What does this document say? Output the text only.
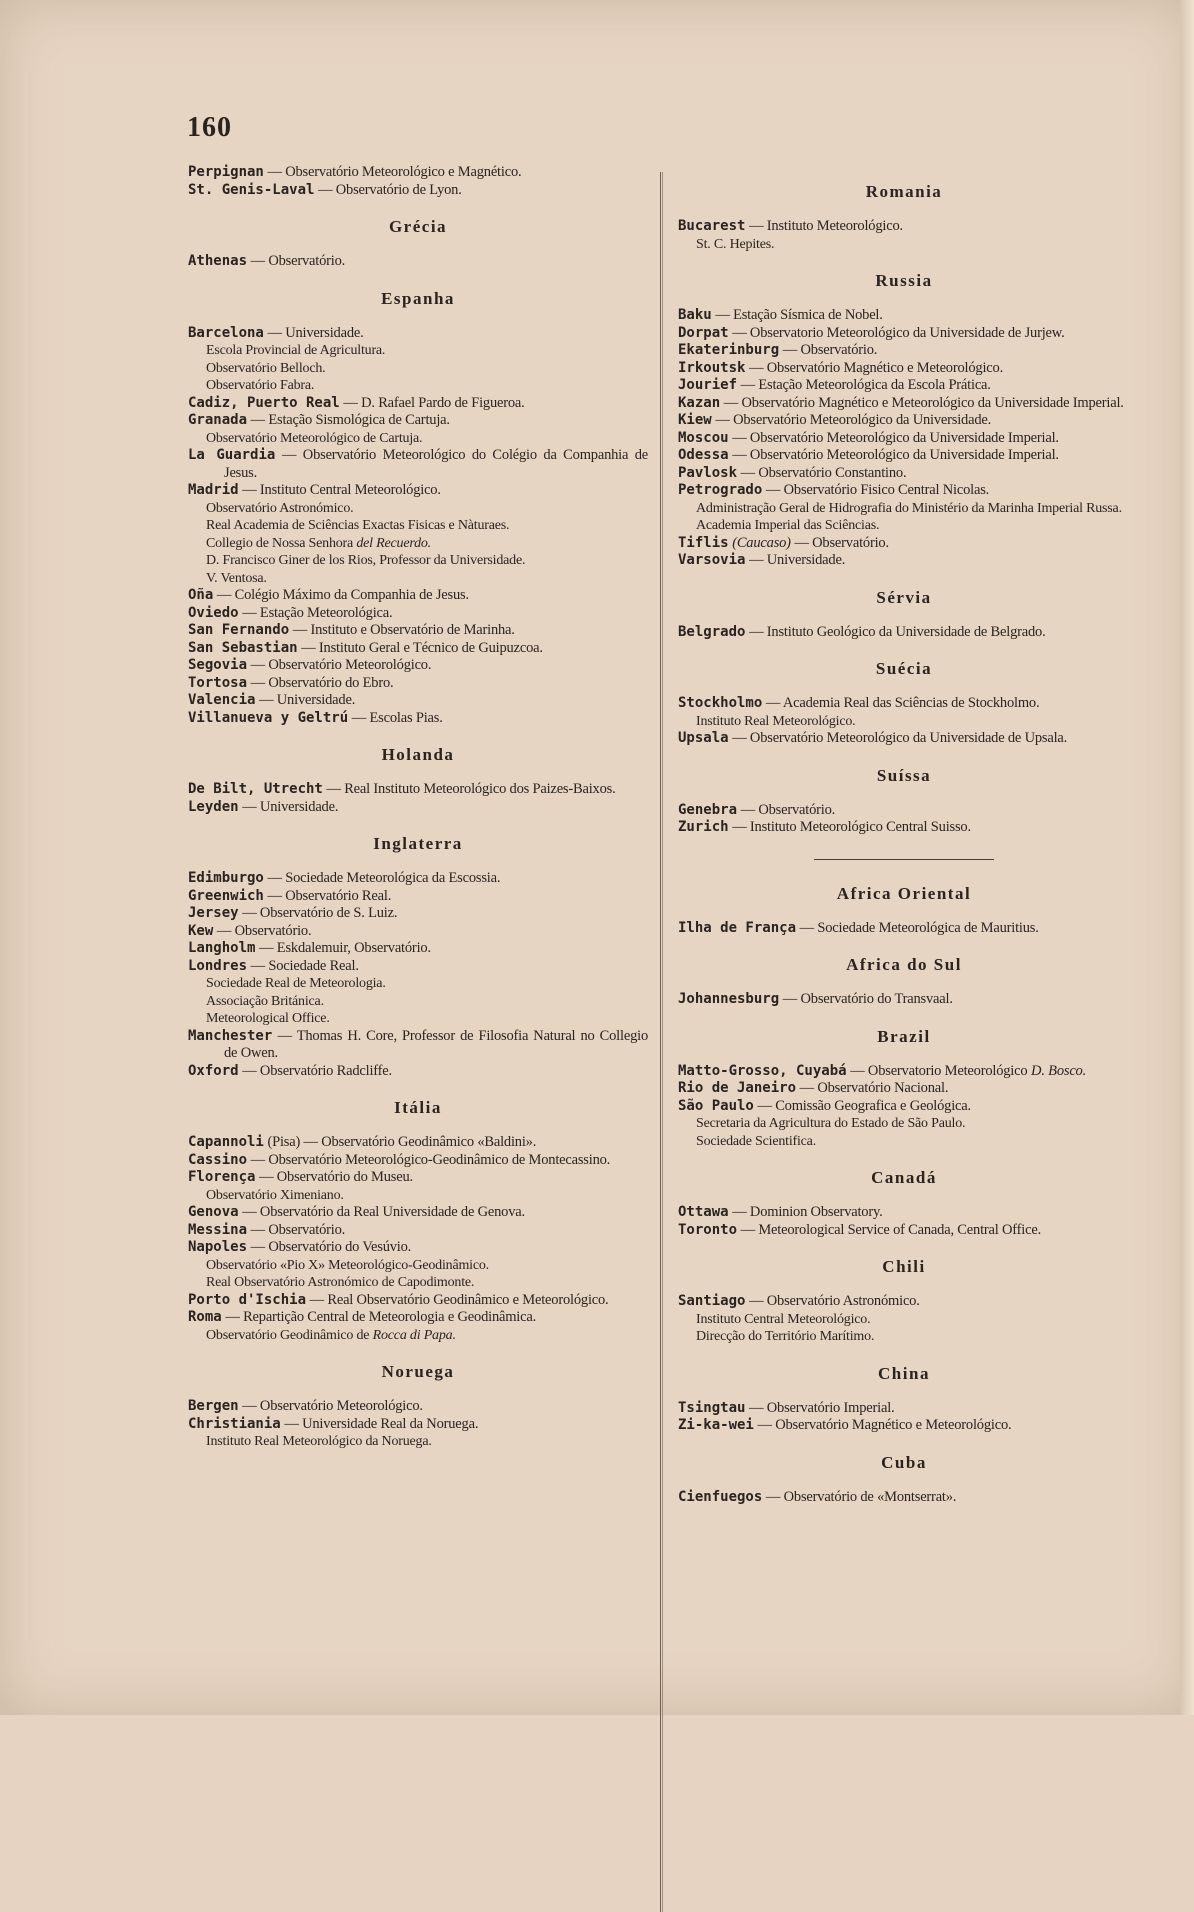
160
Perpignan — Observatório Meteorológico e Magnético.
St. Genis-Laval — Observatório de Lyon.
Grécia
Athenas — Observatório.
Espanha
Barcelona — Universidade.
Escola Provincial de Agricultura.
Observatório Belloch.
Observatório Fabra.
Cadiz, Puerto Real — D. Rafael Pardo de Figueroa.
Granada — Estação Sismológica de Cartuja.
Observatório Meteorológico de Cartuja.
La Guardia — Observatório Meteorológico do Colégio da Companhia de Jesus.
Madrid — Instituto Central Meteorológico.
Observatório Astronómico.
Real Academia de Sciências Exactas Fisicas e Nàturaes.
Collegio de Nossa Senhora del Recuerdo.
D. Francisco Giner de los Rios, Professor da Universidade.
V. Ventosa.
Oña — Colégio Máximo da Companhia de Jesus.
Oviedo — Estação Meteorológica.
San Fernando — Instituto e Observatório de Marinha.
San Sebastian — Instituto Geral e Técnico de Guipuzcoa.
Segovia — Observatório Meteorológico.
Tortosa — Observatório do Ebro.
Valencia — Universidade.
Villanueva y Geltrú — Escolas Pias.
Holanda
De Bilt, Utrecht — Real Instituto Meteorológico dos Paizes-Baixos.
Leyden — Universidade.
Inglaterra
Edimburgo — Sociedade Meteorológica da Escossia.
Greenwich — Observatório Real.
Jersey — Observatório de S. Luiz.
Kew — Observatório.
Langholm — Eskdalemuir, Observatório.
Londres — Sociedade Real.
Sociedade Real de Meteorologia.
Associação Británica.
Meteorological Office.
Manchester — Thomas H. Core, Professor de Filosofia Natural no Collegio de Owen.
Oxford — Observatório Radcliffe.
Itália
Capannoli (Pisa) — Observatório Geodinâmico «Baldini».
Cassino — Observatório Meteorológico-Geodinâmico de Montecassino.
Florença — Observatório do Museu.
Observatório Ximeniano.
Genova — Observatório da Real Universidade de Genova.
Messina — Observatório.
Napoles — Observatório do Vesúvio.
Observatório «Pio X» Meteorológico-Geodinâmico.
Real Observatório Astronómico de Capodimonte.
Porto d'Ischia — Real Observatório Geodinâmico e Meteorológico.
Roma — Repartição Central de Meteorologia e Geodinâmica.
Observatório Geodinâmico de Rocca di Papa.
Noruega
Bergen — Observatório Meteorológico.
Christiania — Universidade Real da Noruega.
Instituto Real Meteorológico da Noruega.
Romania
Bucarest — Instituto Meteorológico.
St. C. Hepites.
Russia
Baku — Estação Sísmica de Nobel.
Dorpat — Observatorio Meteorológico da Universidade de Jurjew.
Ekaterinburg — Observatório.
Irkoutsk — Observatório Magnético e Meteorológico.
Jourief — Estação Meteorológica da Escola Prática.
Kazan — Observatório Magnético e Meteorológico da Universidade Imperial.
Kiew — Observatório Meteorológico da Universidade.
Moscou — Observatório Meteorológico da Universidade Imperial.
Odessa — Observatório Meteorológico da Universidade Imperial.
Pavlosk — Observatório Constantino.
Petrogrado — Observatório Fisico Central Nicolas.
Administração Geral de Hidrografia do Ministério da Marinha Imperial Russa.
Academia Imperial das Sciências.
Tiflis (Caucaso) — Observatório.
Varsovia — Universidade.
Sérvia
Belgrado — Instituto Geológico da Universidade de Belgrado.
Suécia
Stockholmo — Academia Real das Sciências de Stockholmo.
Instituto Real Meteorológico.
Upsala — Observatório Meteorológico da Universidade de Upsala.
Suíssa
Genebra — Observatório.
Zurich — Instituto Meteorológico Central Suisso.
Africa Oriental
Ilha de França — Sociedade Meteorológica de Mauritius.
Africa do Sul
Johannesburg — Observatório do Transvaal.
Brazil
Matto-Grosso, Cuyabá — Observatorio Meteorológico D. Bosco.
Rio de Janeiro — Observatório Nacional.
São Paulo — Comissão Geografica e Geológica.
Secretaria da Agricultura do Estado de São Paulo.
Sociedade Scientifica.
Canadá
Ottawa — Dominion Observatory.
Toronto — Meteorological Service of Canada, Central Office.
Chili
Santiago — Observatório Astronómico.
Instituto Central Meteorológico.
Direcção do Território Marítimo.
China
Tsingtau — Observatório Imperial.
Zi-ka-wei — Observatório Magnético e Meteorológico.
Cuba
Cienfuegos — Observatório de «Montserrat».
